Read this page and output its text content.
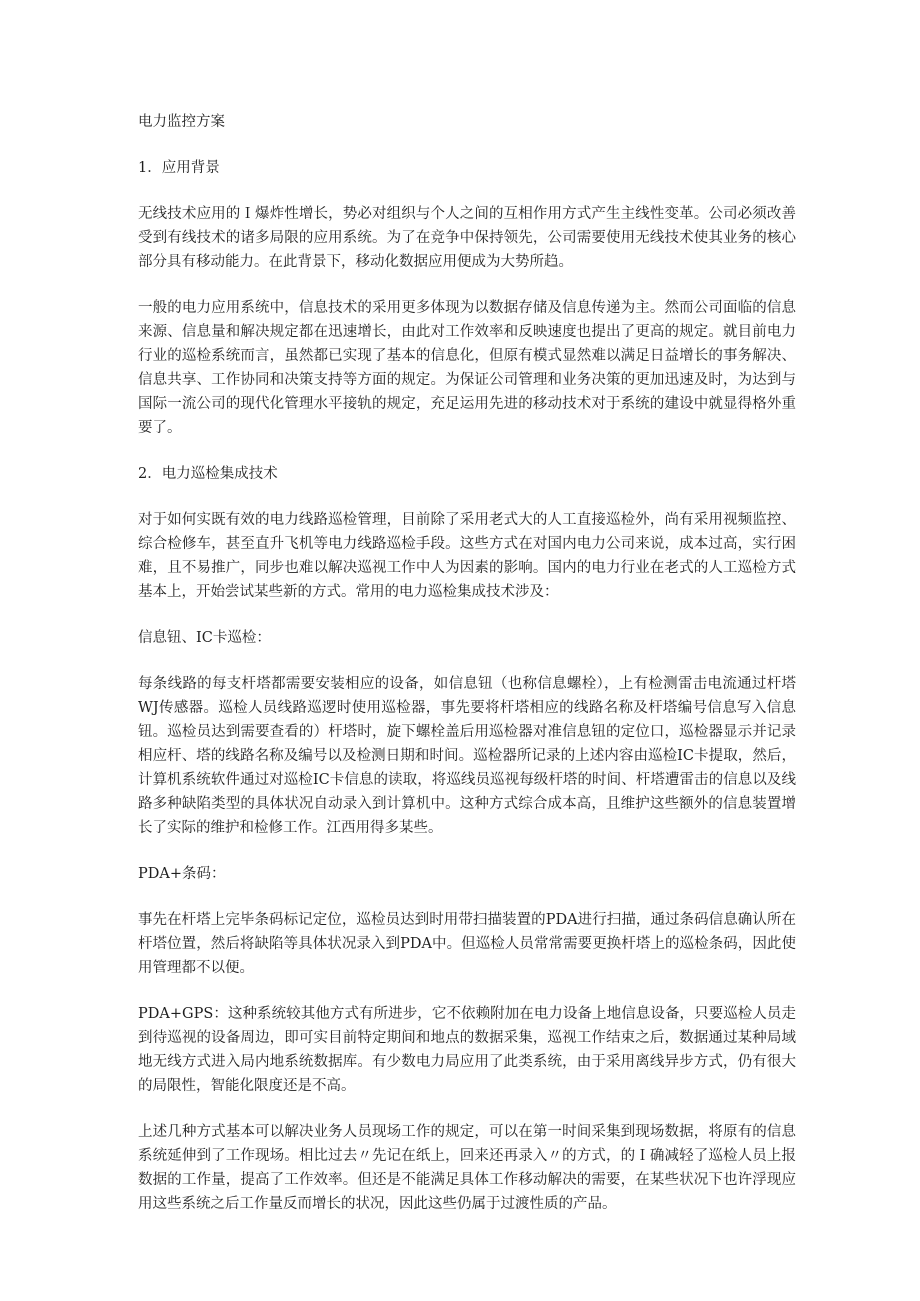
电力监控方案

1．应用背景

无线技术应用的Ｉ爆炸性增长，势必对组织与个人之间的互相作用方式产生主线性变革。公司必须改善受到有线技术的诸多局限的应用系统。为了在竞争中保持领先，公司需要使用无线技术使其业务的核心部分具有移动能力。在此背景下，移动化数据应用便成为大势所趋。

一般的电力应用系统中，信息技术的采用更多体现为以数据存储及信息传递为主。然而公司面临的信息来源、信息量和解决规定都在迅速增长，由此对工作效率和反映速度也提出了更高的规定。就目前电力行业的巡检系统而言，虽然都已实现了基本的信息化，但原有模式显然难以满足日益增长的事务解决、信息共享、工作协同和决策支持等方面的规定。为保证公司管理和业务决策的更加迅速及时，为达到与国际一流公司的现代化管理水平接轨的规定，充足运用先进的移动技术对于系统的建设中就显得格外重要了。

2．电力巡检集成技术

对于如何实既有效的电力线路巡检管理，目前除了采用老式大的人工直接巡检外，尚有采用视频监控、综合检修车，甚至直升飞机等电力线路巡检手段。这些方式在对国内电力公司来说，成本过高，实行困难，且不易推广，同步也难以解决巡视工作中人为因素的影响。国内的电力行业在老式的人工巡检方式基本上，开始尝试某些新的方式。常用的电力巡检集成技术涉及：

信息钮、IC卡巡检：

每条线路的每支杆塔都需要安装相应的设备，如信息钮（也称信息螺栓），上有检测雷击电流通过杆塔WJ传感器。巡检人员线路巡逻时使用巡检器，事先要将杆塔相应的线路名称及杆塔编号信息写入信息钮。巡检员达到需要查看的）杆塔时，旋下螺栓盖后用巡检器对准信息钮的定位口，巡检器显示并记录相应杆、塔的线路名称及编号以及检测日期和时间。巡检器所记录的上述内容由巡检IC卡提取，然后，计算机系统软件通过对巡检IC卡信息的读取，将巡线员巡视每级杆塔的时间、杆塔遭雷击的信息以及线路多种缺陷类型的具体状况自动录入到计算机中。这种方式综合成本高，且维护这些额外的信息装置增长了实际的维护和检修工作。江西用得多某些。

PDA+条码：

事先在杆塔上完毕条码标记定位，巡检员达到时用带扫描装置的PDA进行扫描，通过条码信息确认所在杆塔位置，然后将缺陷等具体状况录入到PDA中。但巡检人员常常需要更换杆塔上的巡检条码，因此使用管理都不以便。

PDA+GPS：这种系统较其他方式有所进步，它不依赖附加在电力设备上地信息设备，只要巡检人员走到待巡视的设备周边，即可实目前特定期间和地点的数据采集，巡视工作结束之后，数据通过某种局域地无线方式进入局内地系统数据库。有少数电力局应用了此类系统，由于采用离线异步方式，仍有很大的局限性，智能化限度还是不高。

上述几种方式基本可以解决业务人员现场工作的规定，可以在第一时间采集到现场数据，将原有的信息系统延伸到了工作现场。相比过去〃先记在纸上，回来还再录入〃的方式，的Ｉ确减轻了巡检人员上报数据的工作量，提高了工作效率。但还是不能满足具体工作移动解决的需要，在某些状况下也许浮现应用这些系统之后工作量反而增长的状况，因此这些仍属于过渡性质的产品。
